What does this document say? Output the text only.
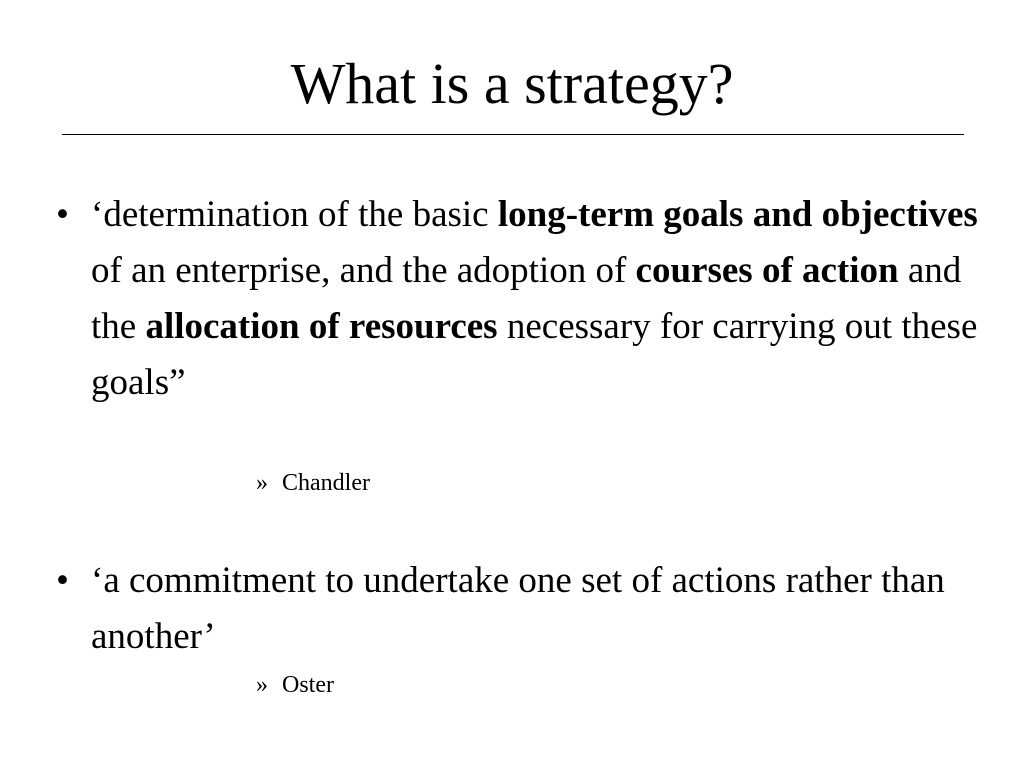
What is a strategy?
• ‘determination of the basic long-term goals and objectives of an enterprise, and the adoption of courses of action and the allocation of resources necessary for carrying out these goals”
» Chandler
• ‘a commitment to undertake one set of actions rather than another’
» Oster
